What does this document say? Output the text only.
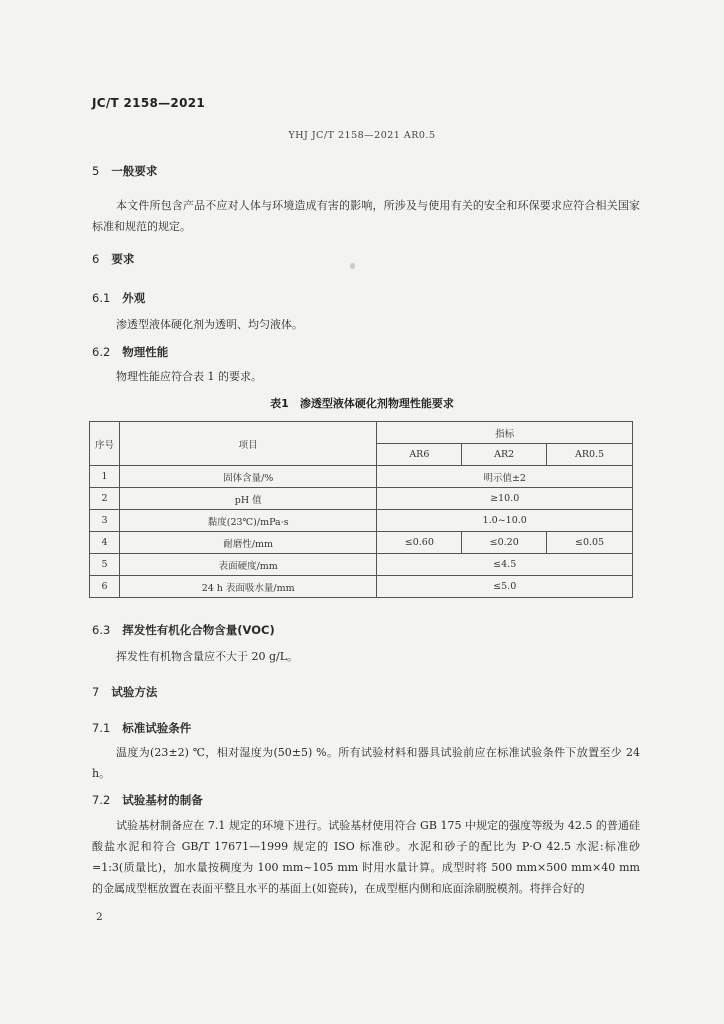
JC/T 2158—2021
YHJ JC/T 2158—2021 AR0.5
5 一般要求
本文件所包含产品不应对人体与环境造成有害的影响，所涉及与使用有关的安全和环保要求应符合相关国家标准和规范的规定。
6 要求
6.1 外观
渗透型液体硬化剂为透明、均匀液体。
6.2 物理性能
物理性能应符合表 1 的要求。
表1　渗透型液体硬化剂物理性能要求
序号	项目	指标		
		AR6	AR2	AR0.5
1	固体含量/%	明示值±2		
2	pH 值	≥10.0		
3	黏度(23℃)/mPa·s	1.0~10.0		
4	耐磨性/mm	≤0.60	≤0.20	≤0.05
5	表面硬度/mm	≤4.5		
6	24 h 表面吸水量/mm	≤5.0		
6.3 挥发性有机化合物含量(VOC)
挥发性有机物含量应不大于 20 g/L。
7 试验方法
7.1 标准试验条件
温度为(23±2) ℃，相对湿度为(50±5) %。所有试验材料和器具试验前应在标准试验条件下放置至少 24 h。
7.2 试验基材的制备
试验基材制备应在 7.1 规定的环境下进行。试验基材使用符合 GB 175 中规定的强度等级为 42.5 的普通硅酸盐水泥和符合 GB/T 17671—1999 规定的 ISO 标准砂。水泥和砂子的配比为 P·O 42.5 水泥:标准砂=1:3(质量比)，加水量按稠度为 100 mm~105 mm 时用水量计算。成型时将 500 mm×500 mm×40 mm 的金属成型框放置在表面平整且水平的基面上(如瓷砖)，在成型框内侧和底面涂刷脱模剂。将拌合好的
2
